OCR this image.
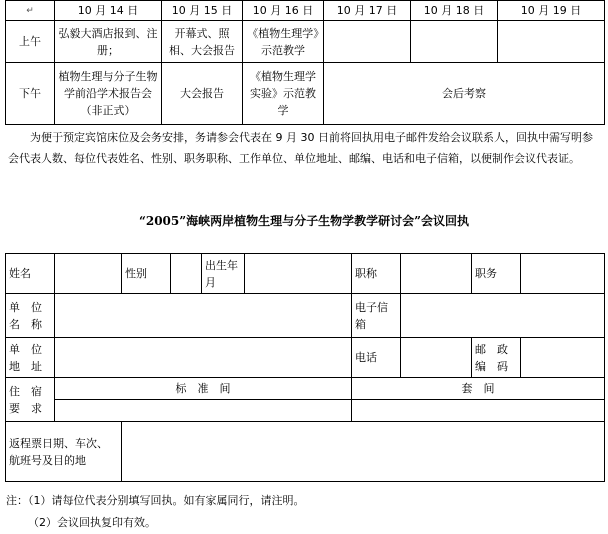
↵	10 月 14 日	10 月 15 日	10 月 16 日	10 月 17 日	10 月 18 日	10 月 19 日
上午	弘毅大酒店报到、注册；	开幕式、照相、大会报告	《植物生理学》示范教学			
下午	植物生理与分子生物学前沿学术报告会（非正式）	大会报告	《植物生理学实验》示范教学	会后考察		
为便于预定宾馆床位及会务安排，务请参会代表在 9 月 30 日前将回执用电子邮件发给会议联系人，回执中需写明参会代表人数、每位代表姓名、性别、职务职称、工作单位、单位地址、邮编、电话和电子信箱，以便制作会议代表证。
“2005”海峡两岸植物生理与分子生物学教学研讨会”会议回执
姓名		性别		出生年月		职称		职务	
单　位　名　称						电子信箱			
单　位　地　址						电话		邮　政　编　码	
住　宿　要　求	标　准　间					套　间			

返程票日期、车次、航班号及目的地									
注：（1）请每位代表分别填写回执。如有家属同行，请注明。
（2）会议回执复印有效。
